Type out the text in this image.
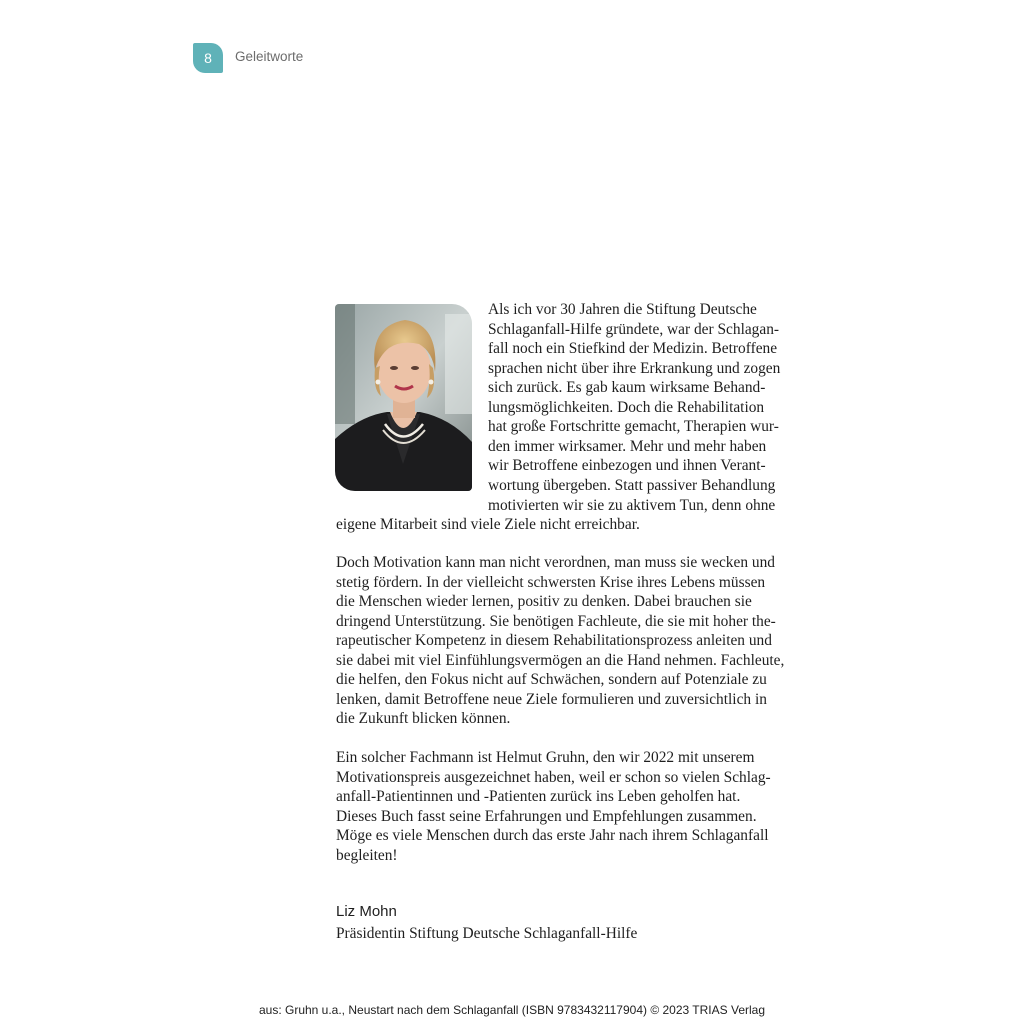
8	Geleitworte
Als ich vor 30 Jahren die Stiftung Deutsche
Schlaganfall-Hilfe gründete, war der Schlagan-
fall noch ein Stiefkind der Medizin. Betroffene
sprachen nicht über ihre Erkrankung und zogen
sich zurück. Es gab kaum wirksame Behand-
lungsmöglichkeiten. Doch die Rehabilitation
hat große Fortschritte gemacht, Therapien wur-
den immer wirksamer. Mehr und mehr haben
wir Betroffene einbezogen und ihnen Verant-
wortung übergeben. Statt passiver Behandlung
motivierten wir sie zu aktivem Tun, denn ohne
eigene Mitarbeit sind viele Ziele nicht erreichbar.
Doch Motivation kann man nicht verordnen, man muss sie wecken und
stetig fördern. In der vielleicht schwersten Krise ihres Lebens müssen
die Menschen wieder lernen, positiv zu denken. Dabei brauchen sie
dringend Unterstützung. Sie benötigen Fachleute, die sie mit hoher the-
rapeutischer Kompetenz in diesem Rehabilitationsprozess anleiten und
sie dabei mit viel Einfühlungsvermögen an die Hand nehmen. Fachleute,
die helfen, den Fokus nicht auf Schwächen, sondern auf Potenziale zu
lenken, damit Betroffene neue Ziele formulieren und zuversichtlich in
die Zukunft blicken können.
Ein solcher Fachmann ist Helmut Gruhn, den wir 2022 mit unserem
Motivationspreis ausgezeichnet haben, weil er schon so vielen Schlag-
anfall-Patientinnen und -Patienten zurück ins Leben geholfen hat.
Dieses Buch fasst seine Erfahrungen und Empfehlungen zusammen.
Möge es viele Menschen durch das erste Jahr nach ihrem Schlaganfall
begleiten!
Liz Mohn
Präsidentin Stiftung Deutsche Schlaganfall-Hilfe
aus: Gruhn u.a., Neustart nach dem Schlaganfall (ISBN 9783432117904) © 2023 TRIAS Verlag
